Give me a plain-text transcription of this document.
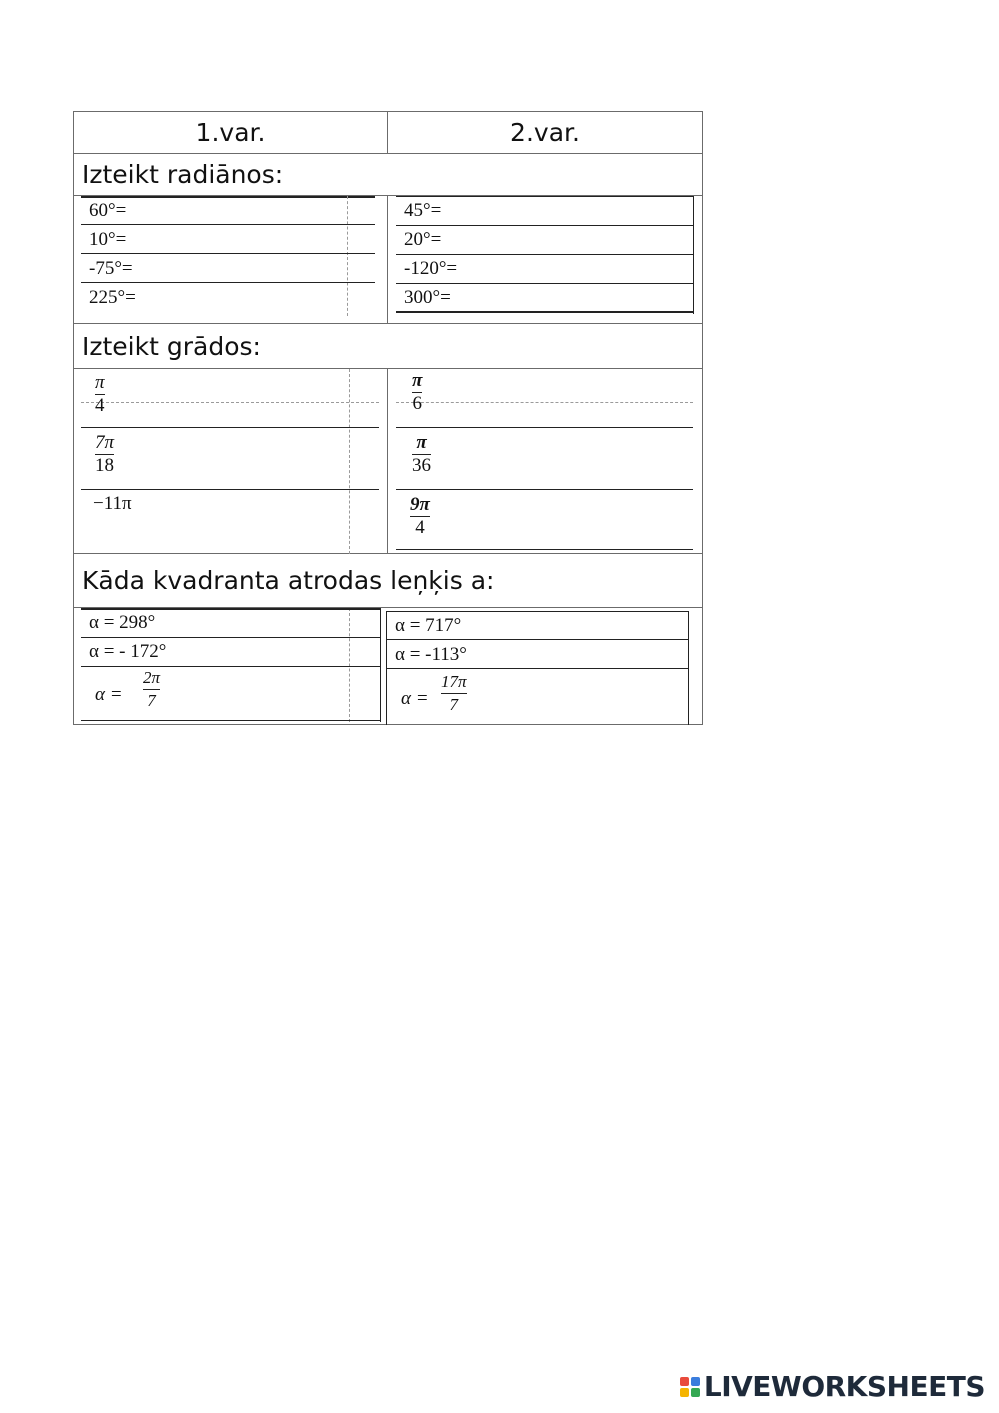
1.var.	2.var.
Izteikt radiānos:
60°=
10°=
-75°=
225°=
45°=
20°=
-120°=
300°=
Izteikt grādos:
π
4
7π
18
−11π
π
6
π
36
9π
4
Kāda kvadranta atrodas leņķis a:
α = 298°
α = - 172°
α =
2π
7
α = 717°
α = -113°
α =
17π
7
LIVEWORKSHEETS
